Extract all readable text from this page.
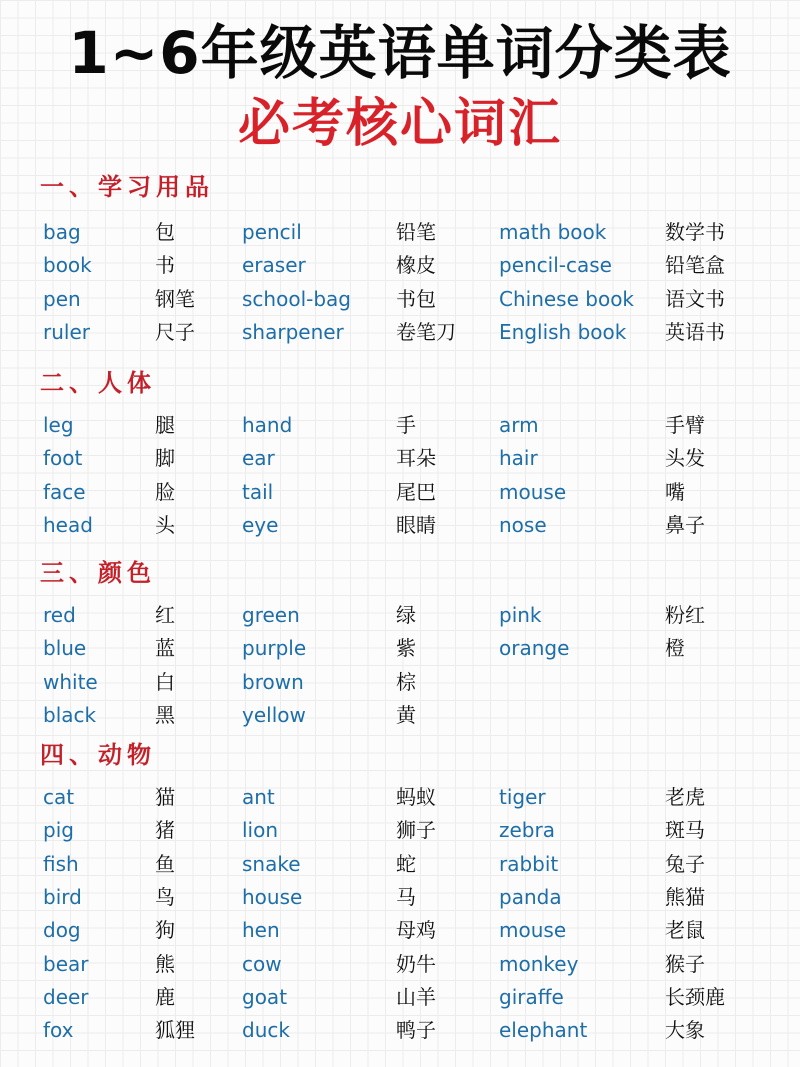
1~6年级英语单词分类表
必考核心词汇
一、学习用品
bag	包	pencil	铅笔	math book	数学书
book	书	eraser	橡皮	pencil-case	铅笔盒
pen	钢笔 school-bag 书包	Chinese book 语文书
ruler	尺子 sharpener	卷笔刀 English book 英语书
二、人体
leg	腿	hand	手	arm	手臂
foot	脚	ear	耳朵	hair	头发
face	脸	tail	尾巴	mouse	嘴
head	头	eye	眼睛	nose	鼻子
三、颜色
red	红	green	绿	pink	粉红
blue	蓝	purple	紫	orange	橙
white	白	brown	棕
black	黑	yellow	黄
四、动物
cat	猫	ant	蚂蚁	tiger	老虎
pig	猪	lion	狮子	zebra	斑马
fish	鱼	snake	蛇	rabbit	兔子
bird	鸟	house	马	panda	熊猫
dog	狗	hen	母鸡	mouse	老鼠
bear	熊	cow	奶牛	monkey	猴子
deer	鹿	goat	山羊	giraffe	长颈鹿
fox	狐狸 duck	鸭子	elephant	大象
